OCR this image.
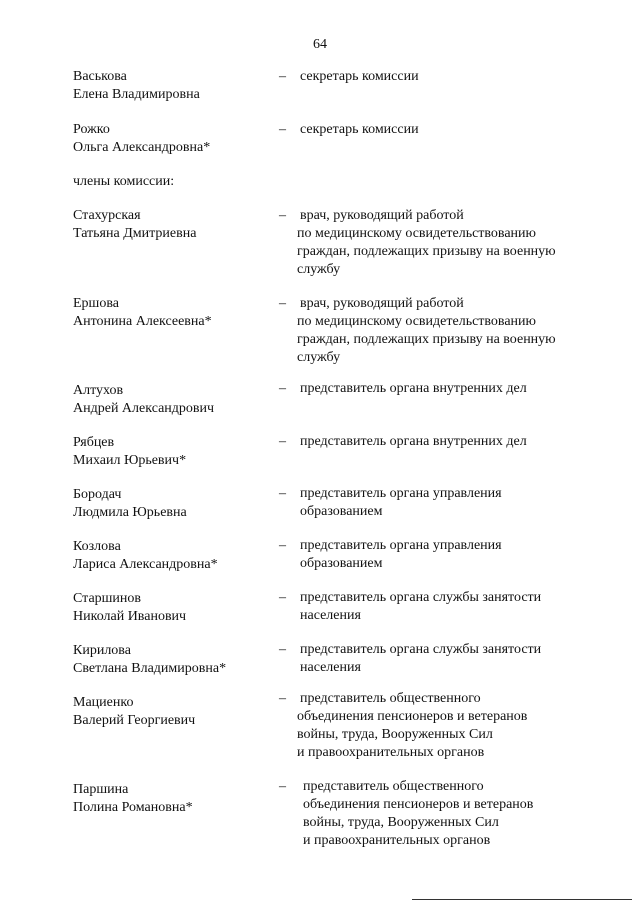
64
Васькова
Елена Владимировна
– секретарь комиссии
Рожко
Ольга Александровна*
– секретарь комиссии
члены комиссии:
Стахурская
Татьяна Дмитриевна
– врач, руководящий работой
по медицинскому освидетельствованию
граждан, подлежащих призыву на военную
службу
Ершова
Антонина Алексеевна*
– врач, руководящий работой
по медицинскому освидетельствованию
граждан, подлежащих призыву на военную
службу
Алтухов
Андрей Александрович
– представитель органа внутренних дел
Рябцев
Михаил Юрьевич*
– представитель органа внутренних дел
Бородач
Людмила Юрьевна
– представитель органа управления
образованием
Козлова
Лариса Александровна*
– представитель органа управления
образованием
Старшинов
Николай Иванович
– представитель органа службы занятости
населения
Кирилова
Светлана Владимировна*
– представитель органа службы занятости
населения
Мациенко
Валерий Георгиевич
– представитель общественного
объединения пенсионеров и ветеранов
войны, труда, Вооруженных Сил
и правоохранительных органов
Паршина
Полина Романовна*
– представитель общественного
объединения пенсионеров и ветеранов
войны, труда, Вооруженных Сил
и правоохранительных органов
